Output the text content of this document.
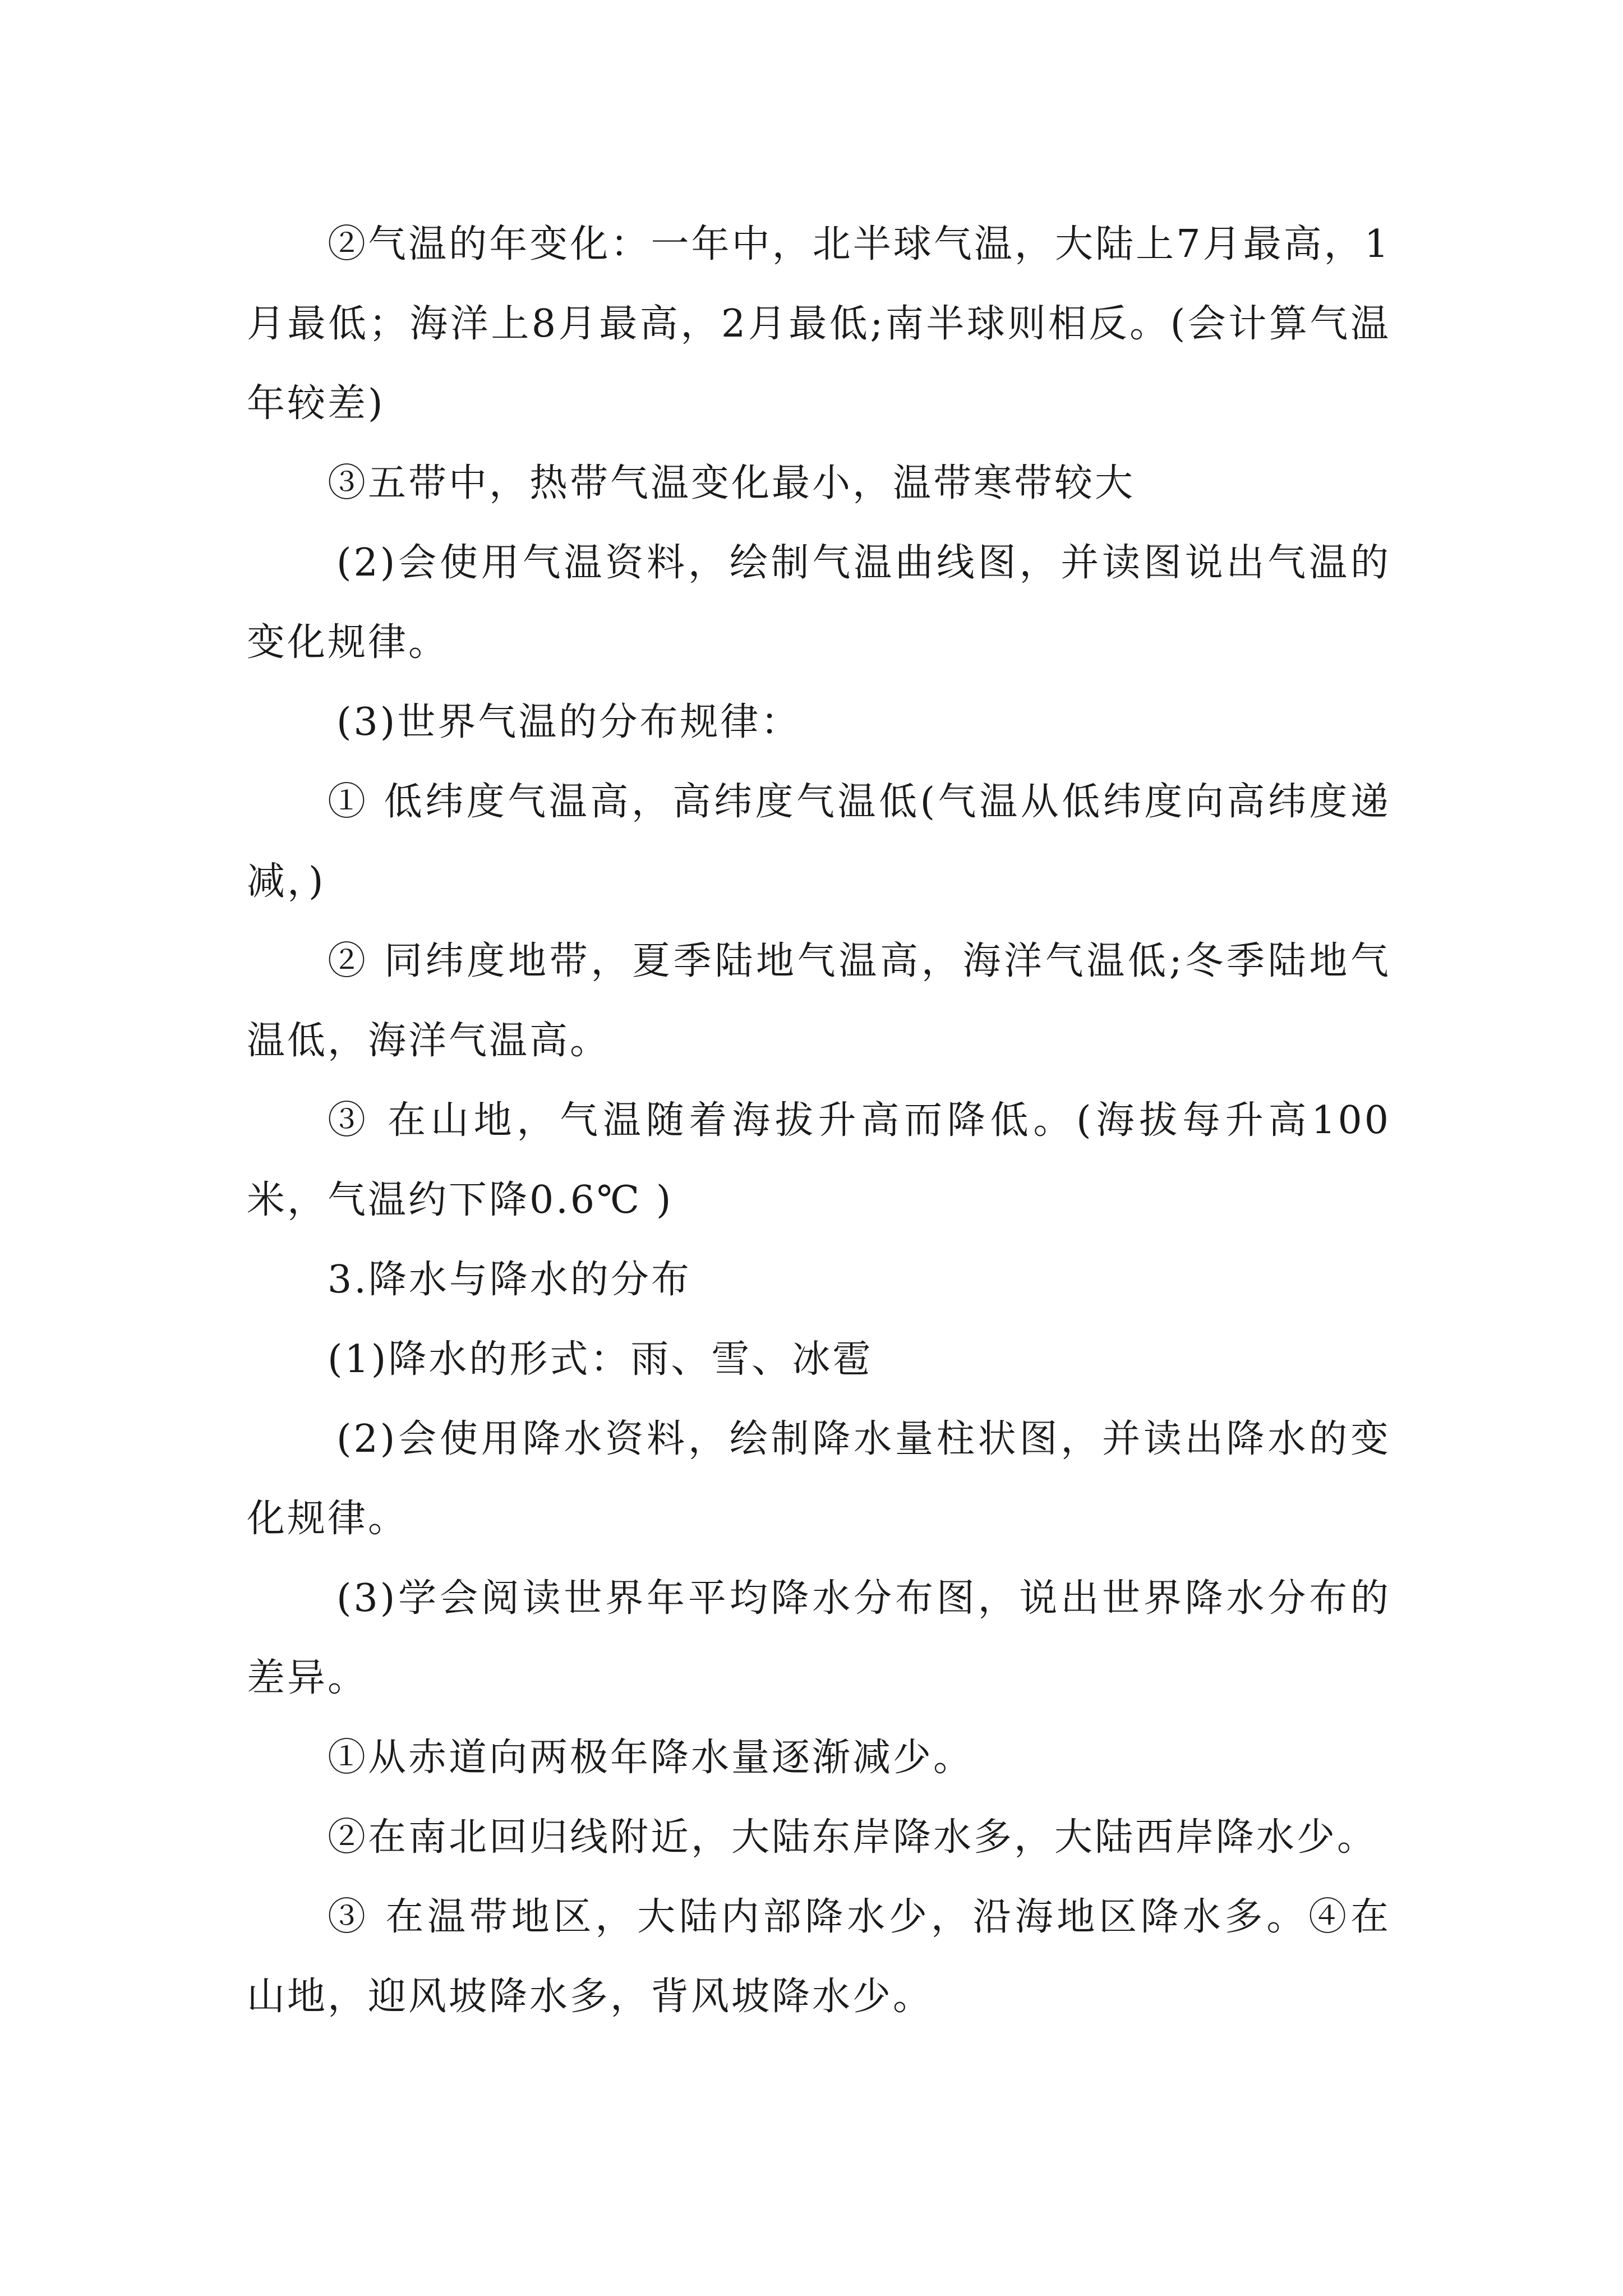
②气温的年变化：一年中，北半球气温，大陆上7月最高，1月最低；海洋上8月最高，2月最低;南半球则相反。(会计算气温年较差)

③五带中，热带气温变化最小，温带寒带较大

(2)会使用气温资料，绘制气温曲线图，并读图说出气温的变化规律。

(3)世界气温的分布规律：

① 低纬度气温高，高纬度气温低(气温从低纬度向高纬度递减，)

② 同纬度地带，夏季陆地气温高，海洋气温低;冬季陆地气温低，海洋气温高。

③ 在山地，气温随着海拔升高而降低。(海拔每升高100米，气温约下降0.6℃ )

3.降水与降水的分布

(1)降水的形式：雨、雪、冰雹

(2)会使用降水资料，绘制降水量柱状图，并读出降水的变化规律。

(3)学会阅读世界年平均降水分布图，说出世界降水分布的差异。

①从赤道向两极年降水量逐渐减少。

②在南北回归线附近，大陆东岸降水多，大陆西岸降水少。

③ 在温带地区，大陆内部降水少，沿海地区降水多。④在山地，迎风坡降水多，背风坡降水少。
